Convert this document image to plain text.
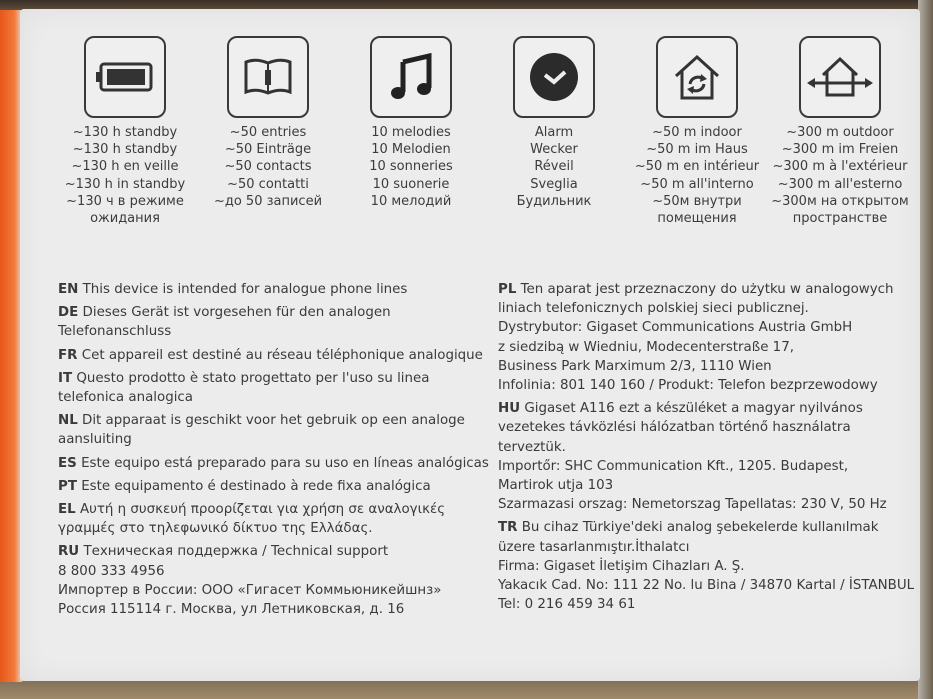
~130 h standby
~130 h standby
~130 h en veille
~130 h in standby
~130 ч в режиме
ожидания
~50 entries
~50 Einträge
~50 contacts
~50 contatti
~до 50 записей
10 melodies
10 Melodien
10 sonneries
10 suonerie
10 мелодий
Alarm
Wecker
Réveil
Sveglia
Будильник
~50 m indoor
~50 m im Haus
~50 m en intérieur
~50 m all'interno
~50м внутри
помещения
~300 m outdoor
~300 m im Freien
~300 m à l'extérieur
~300 m all'esterno
~300м на открытом
пространстве

EN This device is intended for analogue phone lines

DE Dieses Gerät ist vorgesehen für den analogen Telefonanschluss

FR Cet appareil est destiné au réseau téléphonique analogique

IT Questo prodotto è stato progettato per l'uso su linea telefonica analogica

NL Dit apparaat is geschikt voor het gebruik op een analoge aansluiting

ES Este equipo está preparado para su uso en líneas analógicas

PT Este equipamento é destinado à rede fixa analógica

EL Αυτή η συσκευή προορίζεται για χρήση σε αναλογικές γραμμές στο τηλεφωνικό δίκτυο της Ελλάδας.

RU Техническая поддержка / Technical support

8 800 333 4956

Импортер в России: ООО «Гигасет Коммьюникейшнз»

Россия 115114 г. Москва, ул Летниковская, д. 16

PL Ten aparat jest przeznaczony do użytku w analogowych liniach telefonicznych polskiej sieci publicznej.

Dystrybutor: Gigaset Communications Austria GmbH

z siedzibą w Wiedniu, Modecenterstraße 17,

Business Park Marximum 2/3, 1110 Wien

Infolinia: 801 140 160 / Produkt: Telefon bezprzewodowy

HU Gigaset A116 ezt a készüléket a magyar nyilvános vezetekes távközlési hálózatban történő használatra terveztük.

Importőr: SHC Communication Kft., 1205. Budapest,

Martirok utja 103

Szarmazasi orszag: Nemetorszag Tapellatas: 230 V, 50 Hz

TR Bu cihaz Türkiye'deki analog şebekelerde kullanılmak üzere tasarlanmıştır.İthalatcı

Firma: Gigaset İletişim Cihazları A. Ş.

Yakacık Cad. No: 111 22 No. lu Bina / 34870 Kartal / İSTANBUL

Tel: 0 216 459 34 61
